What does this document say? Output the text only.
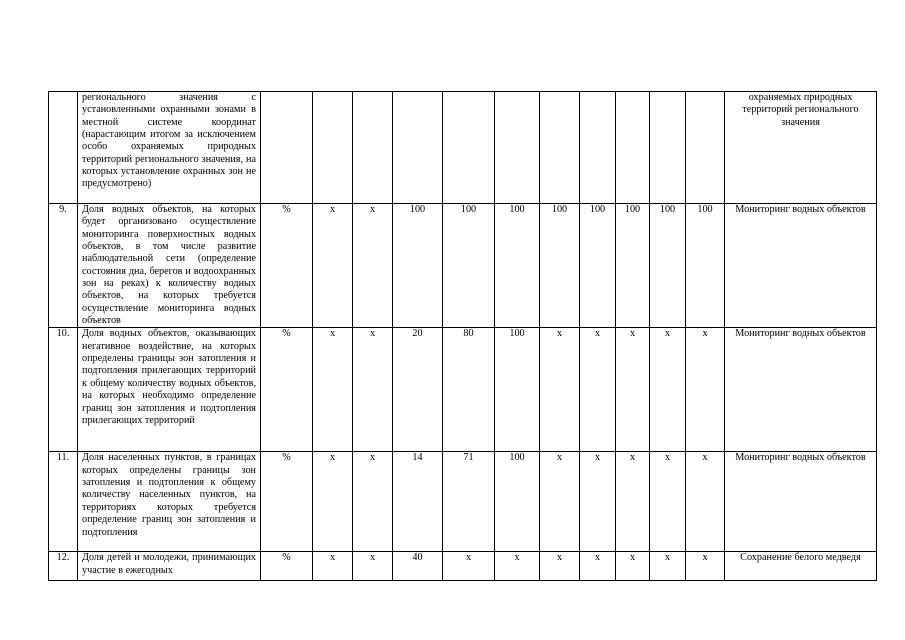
	регионального значения с установленными охранными зонами в местной системе координат (нарастающим итогом за исключением особо охраняемых природных территорий регионального значения, на которых установление охранных зон не предусмотрено)												охраняемых природных территорий регионального значения
9.	Доля водных объектов, на которых будет организовано осуществление мониторинга поверхностных водных объектов, в том числе развитие наблюдательной сети (определение состояния дна, берегов и водоохранных зон на реках) к количеству водных объектов, на которых требуется осуществление мониторинга водных объектов	%	х	х	100	100	100	100	100	100	100	100	Мониторинг водных объектов
10.	Доля водных объектов, оказывающих негативное воздействие, на которых определены границы зон затопления и подтопления прилегающих территорий к общему количеству водных объектов, на которых необходимо определение границ зон затопления и подтопления прилегающих территорий	%	х	х	20	80	100	х	х	х	х	х	Мониторинг водных объектов
11.	Доля населенных пунктов, в границах которых определены границы зон затопления и подтопления к общему количеству населенных пунктов, на территориях которых требуется определение границ зон затопления и подтопления	%	х	х	14	71	100	х	х	х	х	х	Мониторинг водных объектов
12.	Доля детей и молодежи, принимающих участие в ежегодных	%	х	х	40	х	х	х	х	х	х	х	Сохранение белого медведя
